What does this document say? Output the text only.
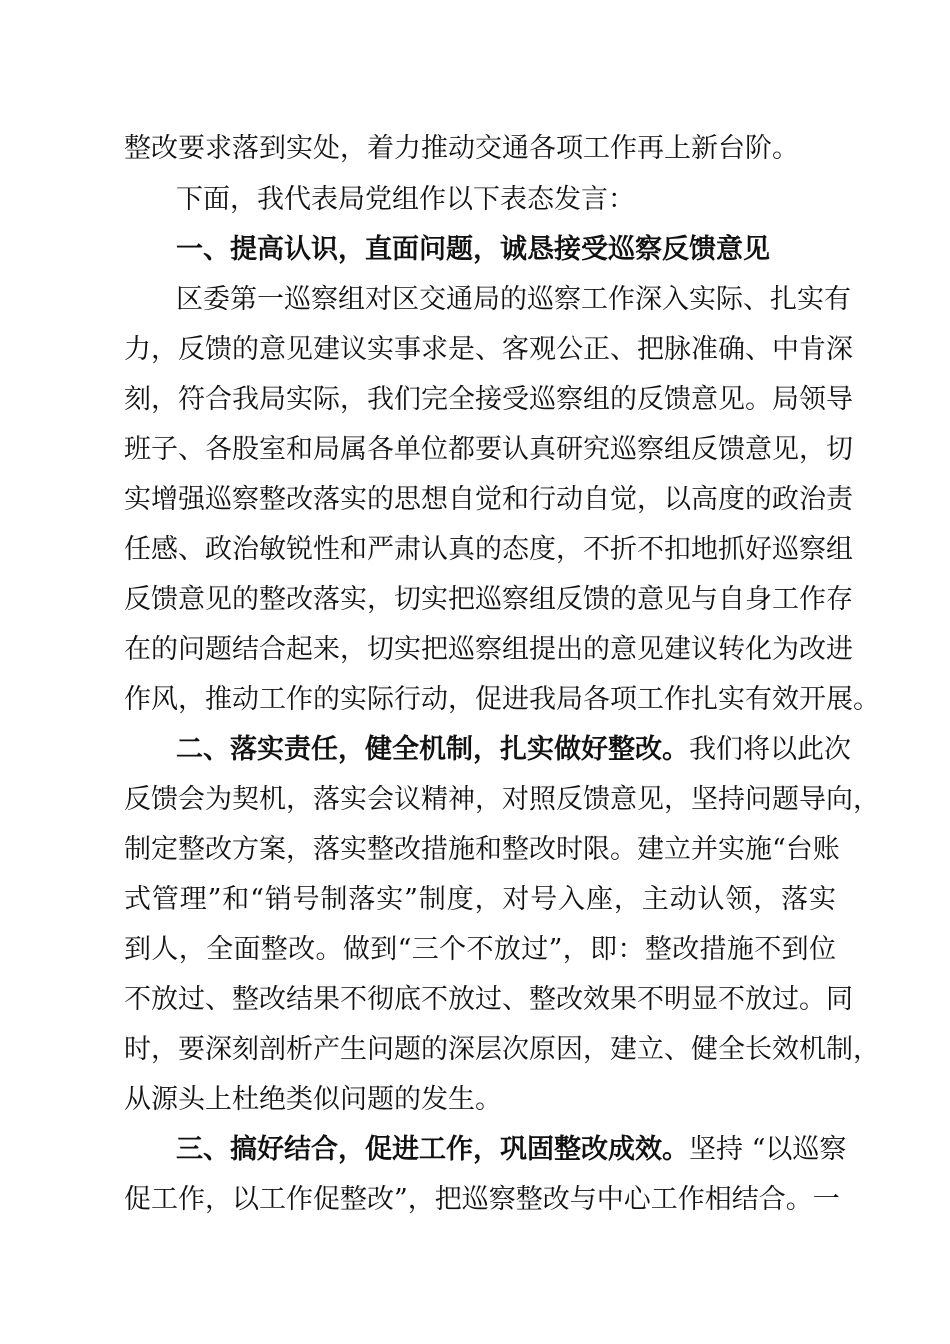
整改要求落到实处，着力推动交通各项工作再上新台阶。
下面，我代表局党组作以下表态发言：
一、提高认识，直面问题，诚恳接受巡察反馈意见
区委第一巡察组对区交通局的巡察工作深入实际、扎实有
力，反馈的意见建议实事求是、客观公正、把脉准确、中肯深
刻，符合我局实际，我们完全接受巡察组的反馈意见。局领导
班子、各股室和局属各单位都要认真研究巡察组反馈意见，切
实增强巡察整改落实的思想自觉和行动自觉，以高度的政治责
任感、政治敏锐性和严肃认真的态度，不折不扣地抓好巡察组
反馈意见的整改落实，切实把巡察组反馈的意见与自身工作存
在的问题结合起来，切实把巡察组提出的意见建议转化为改进
作风，推动工作的实际行动，促进我局各项工作扎实有效开展。
二、落实责任，健全机制，扎实做好整改。我们将以此次
反馈会为契机，落实会议精神，对照反馈意见，坚持问题导向，
制定整改方案，落实整改措施和整改时限。建立并实施“台账
式管理”和“销号制落实”制度，对号入座，主动认领，落实
到人，全面整改。做到“三个不放过”，即：整改措施不到位
不放过、整改结果不彻底不放过、整改效果不明显不放过。同
时，要深刻剖析产生问题的深层次原因，建立、健全长效机制，
从源头上杜绝类似问题的发生。
三、搞好结合，促进工作，巩固整改成效。坚持 “以巡察
促工作，以工作促整改”，把巡察整改与中心工作相结合。一
